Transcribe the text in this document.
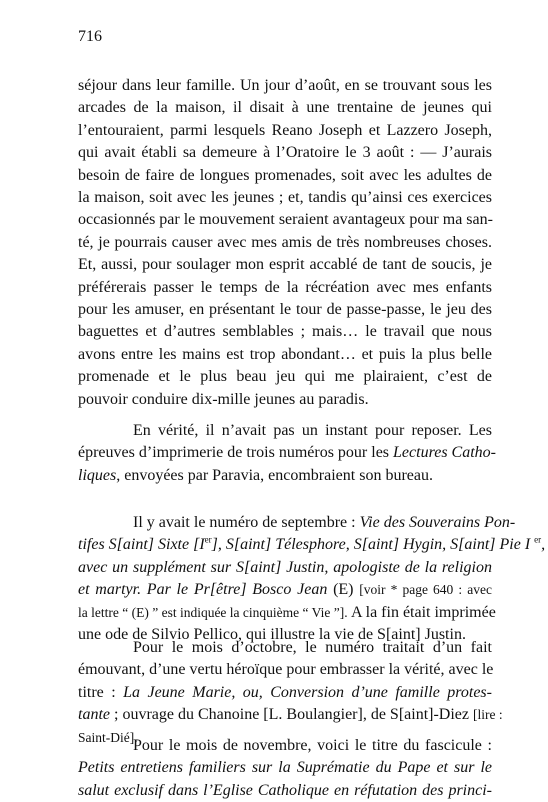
716
séjour dans leur famille. Un jour d’août, en se trouvant sous les
arcades de la maison, il disait à une trentaine de jeunes qui
l’entouraient, parmi lesquels Reano Joseph et Lazzero Joseph,
qui avait établi sa demeure à l’Oratoire le 3 août : — J’aurais
besoin de faire de longues promenades, soit avec les adultes de
la maison, soit avec les jeunes ; et, tandis qu’ainsi ces exercices
occasionnés par le mouvement seraient avantageux pour ma san-
té, je pourrais causer avec mes amis de très nombreuses choses.
Et, aussi, pour soulager mon esprit accablé de tant de soucis, je
préférerais passer le temps de la récréation avec mes enfants
pour les amuser, en présentant le tour de passe-passe, le jeu des
baguettes et d’autres semblables ; mais… le travail que nous
avons entre les mains est trop abondant… et puis la plus belle
promenade et le plus beau jeu qui me plairaient, c’est de
pouvoir conduire dix-mille jeunes au paradis.
En vérité, il n’avait pas un instant pour reposer. Les
épreuves d’imprimerie de trois numéros pour les Lectures Catho-
liques, envoyées par Paravia, encombraient son bureau.
Il y avait le numéro de septembre : Vie des Souverains Pon-
tifes S[aint] Sixte [Ier], S[aint] Télesphore, S[aint] Hygin, S[aint] Pie I $^{er}$,
avec un supplément sur S[aint] Justin, apologiste de la religion
et martyr. Par le Pr[être] Bosco Jean (E) [voir * page 640 : avec
la lettre “ (E) ” est indiquée la cinquième “ Vie ”]. A la fin était imprimée
une ode de Silvio Pellico, qui illustre la vie de S[aint] Justin.
Pour le mois d’octobre, le numéro traitait d’un fait
émouvant, d’une vertu héroïque pour embrasser la vérité, avec le
titre : La Jeune Marie, ou, Conversion d’une famille protes-
tante ; ouvrage du Chanoine [L. Boulangier], de S[aint]-Diez [lire :
Saint-Dié].
Pour le mois de novembre, voici le titre du fascicule :
Petits entretiens familiers sur la Suprématie du Pape et sur le
salut exclusif dans l’Eglise Catholique en réfutation des princi-
